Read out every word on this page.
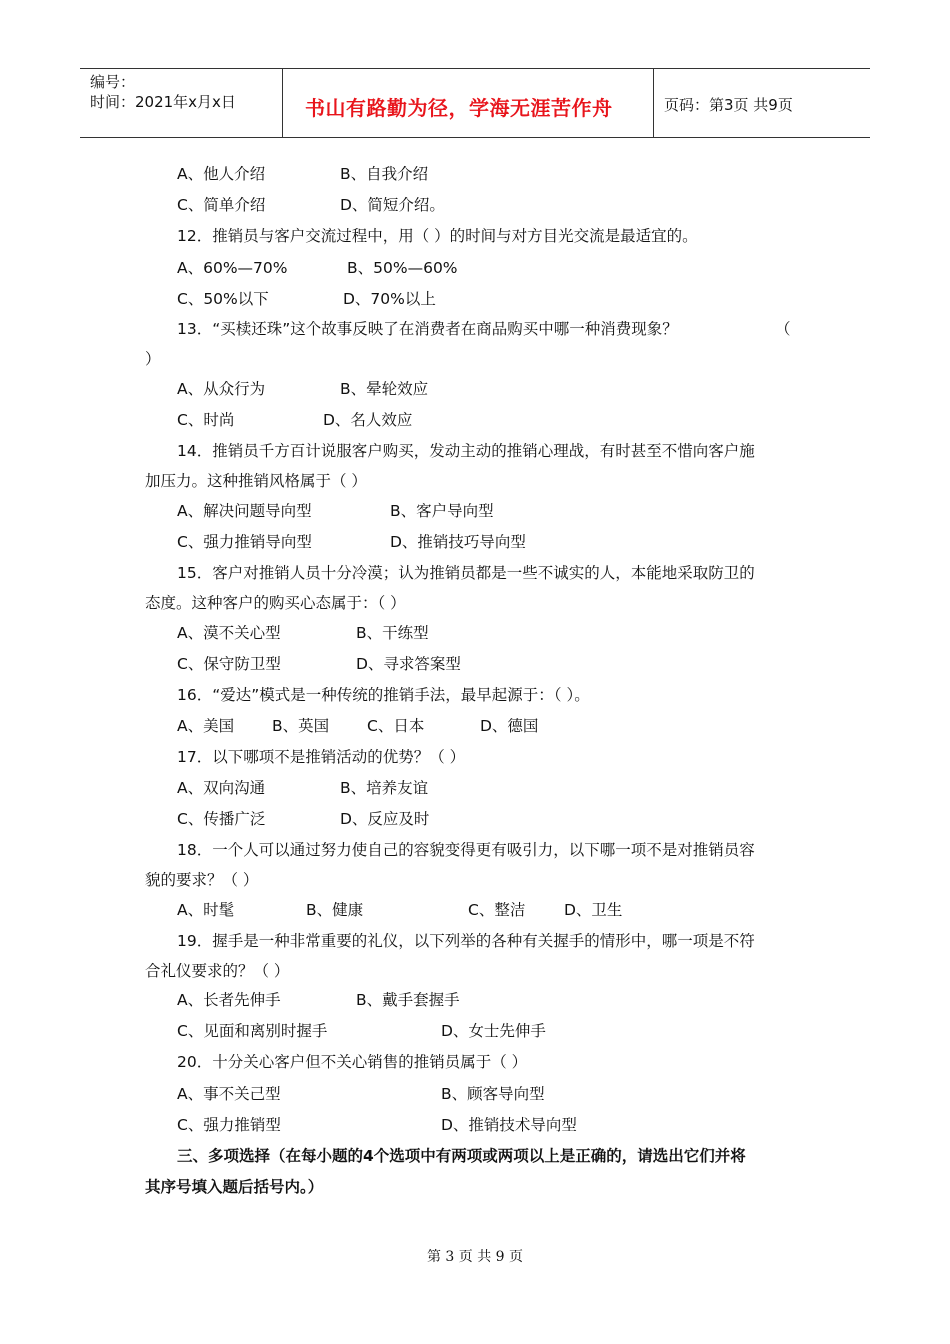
编号：
时间：2021年x月x日	书山有路勤为径，学海无涯苦作舟	页码：第3页 共9页
A、他人介绍	B、自我介绍
C、简单介绍	D、简短介绍。
12．推销员与客户交流过程中，用（ ）的时间与对方目光交流是最适宜的。
A、60%—70%	B、50%—60%
C、50%以下	D、70%以上
13．“买椟还珠”这个故事反映了在消费者在商品购买中哪一种消费现象？	（
）
A、从众行为	B、晕轮效应
C、时尚	D、名人效应
14．推销员千方百计说服客户购买，发动主动的推销心理战，有时甚至不惜向客户施
加压力。这种推销风格属于（ ）
A、解决问题导向型	B、客户导向型
C、强力推销导向型	D、推销技巧导向型
15．客户对推销人员十分冷漠；认为推销员都是一些不诚实的人，本能地采取防卫的
态度。这种客户的购买心态属于：（ ）
A、漠不关心型	B、干练型
C、保守防卫型	D、寻求答案型
16．“爱达”模式是一种传统的推销手法，最早起源于：（ ）。
A、美国 B、英国 C、日本	D、德国
17．以下哪项不是推销活动的优势？（ ）
A、双向沟通	B、培养友谊
C、传播广泛	D、反应及时
18．一个人可以通过努力使自己的容貌变得更有吸引力，以下哪一项不是对推销员容
貌的要求？（ ）
A、时髦	B、健康	C、整洁 D、卫生
19．握手是一种非常重要的礼仪，以下列举的各种有关握手的情形中，哪一项是不符
合礼仪要求的？（ ）
A、长者先伸手	B、戴手套握手
C、见面和离别时握手	D、女士先伸手
20．十分关心客户但不关心销售的推销员属于（ ）
A、事不关己型	B、顾客导向型
C、强力推销型	D、推销技术导向型
三、多项选择（在每小题的4个选项中有两项或两项以上是正确的，请选出它们并将
其序号填入题后括号内。）
第 3 页 共 9 页
